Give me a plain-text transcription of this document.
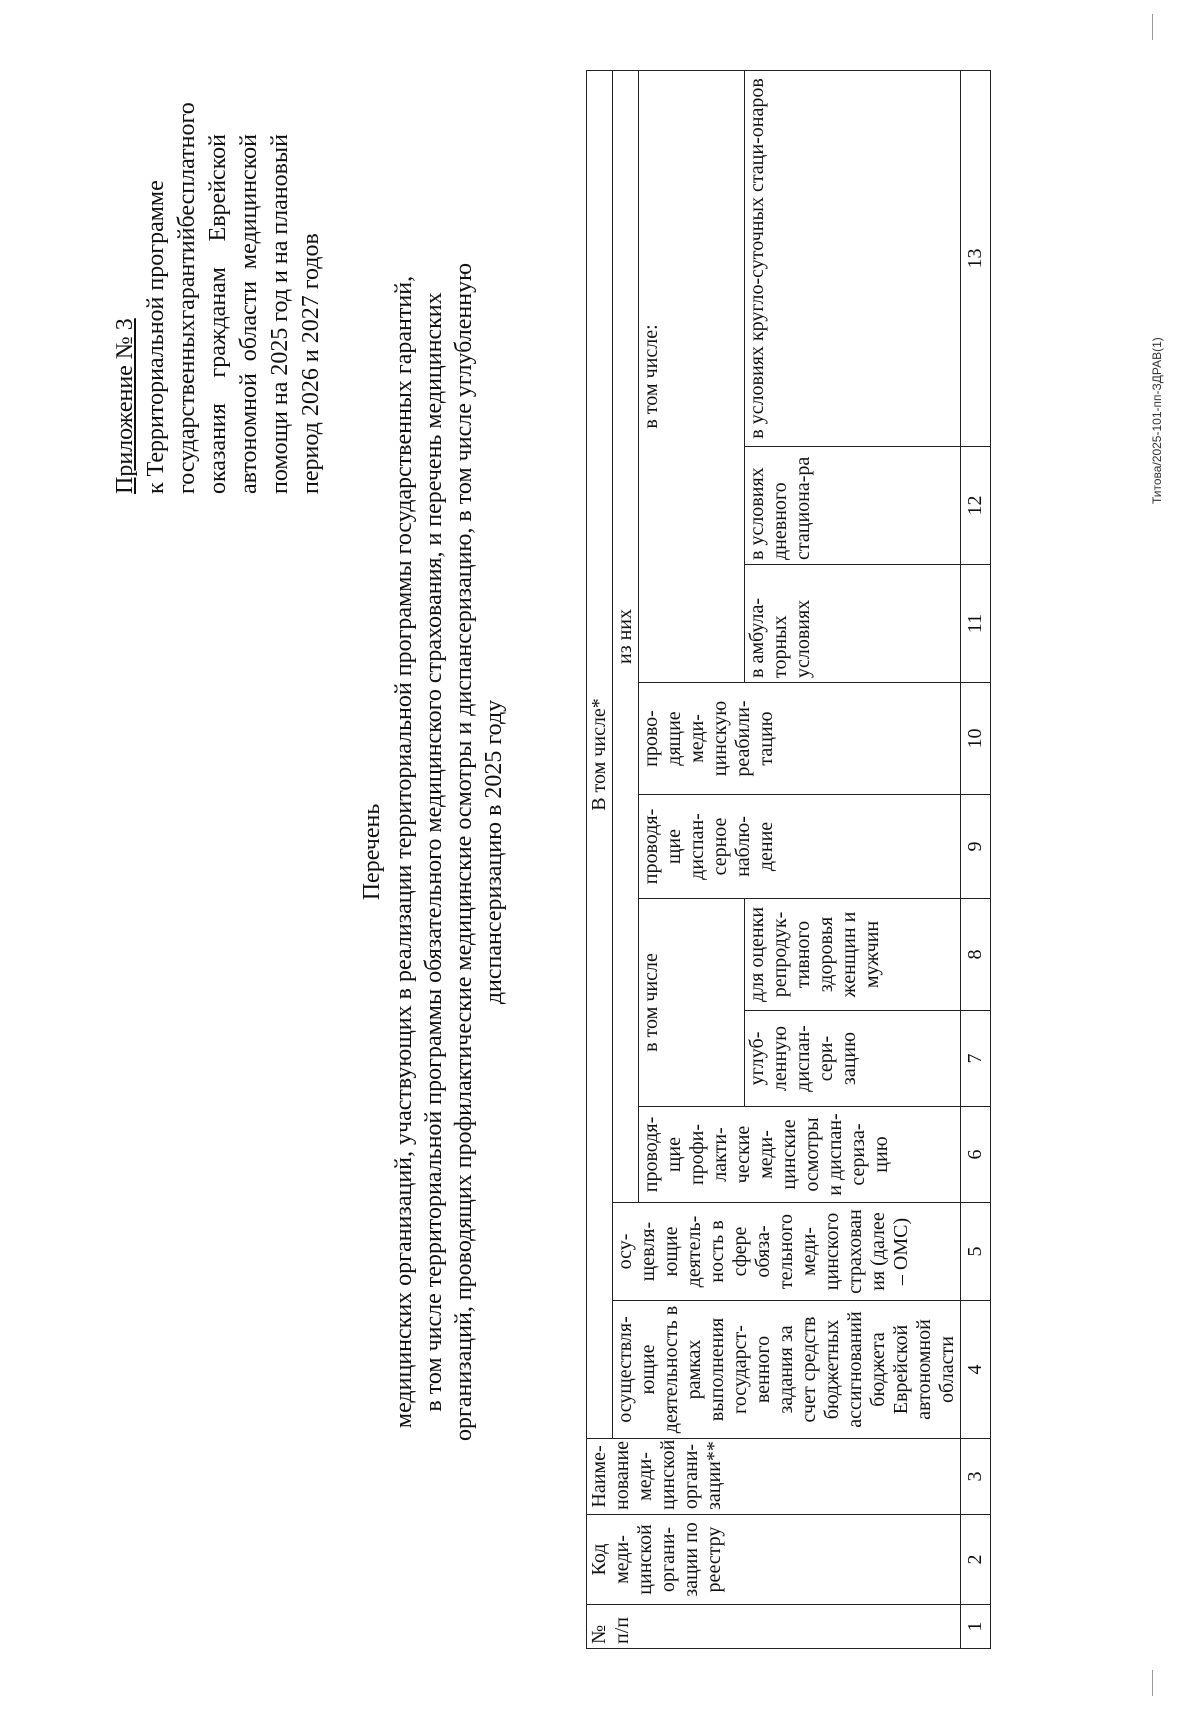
Приложение № 3 к Территориальной программе государственных
гарантий
бесплатного
оказания
гражданам
Еврейской
автономной
области
медицинской
помощи
на
2025
год
и
на
плановый
период 2026 и 2027 годов
Перечень медицинских организаций, участвующих в реализации территориальной программы государственных гарантий, в том числе территориальной программы обязательного медицинского страхования, и перечень медицинских организаций, проводящих профилактические медицинские осмотры и диспансеризацию, в том числе углубленную диспансеризацию в 2025 году
№ п/п	Код меди-цинской органи-зации по реестру	Наиме-нование меди-цинской органи-зации**	В том числе*									
			осуществля-ющие деятельность в рамках выполнения государст-венного задания за счет средств бюджетных ассигнований бюджета Еврейской автономной области	осу-щевля-ющие деятель-ность в сфере обяза-тельного меди-цинского страхован ия (далее – ОМС)	из них							
					проводя-щие профи-лакти-ческие меди-цинские осмотры и диспан-сериза-цию	в том числе		проводя-щие диспан-серное наблю-дение	прово-дящие меди-цинскую реабили-тацию	в том числе:		
						углуб-ленную диспан-сери-зацию	для оценки репродук-тивного здоровья женщин и мужчин			в амбула-торных условиях	в условиях дневного стациона-ра	в условиях кругло-суточных стаци-онаров
1	2	3	4	5	6	7	8	9	10	11	12	13
Титова/2025-101-пп-ЗДРАВ(1)
